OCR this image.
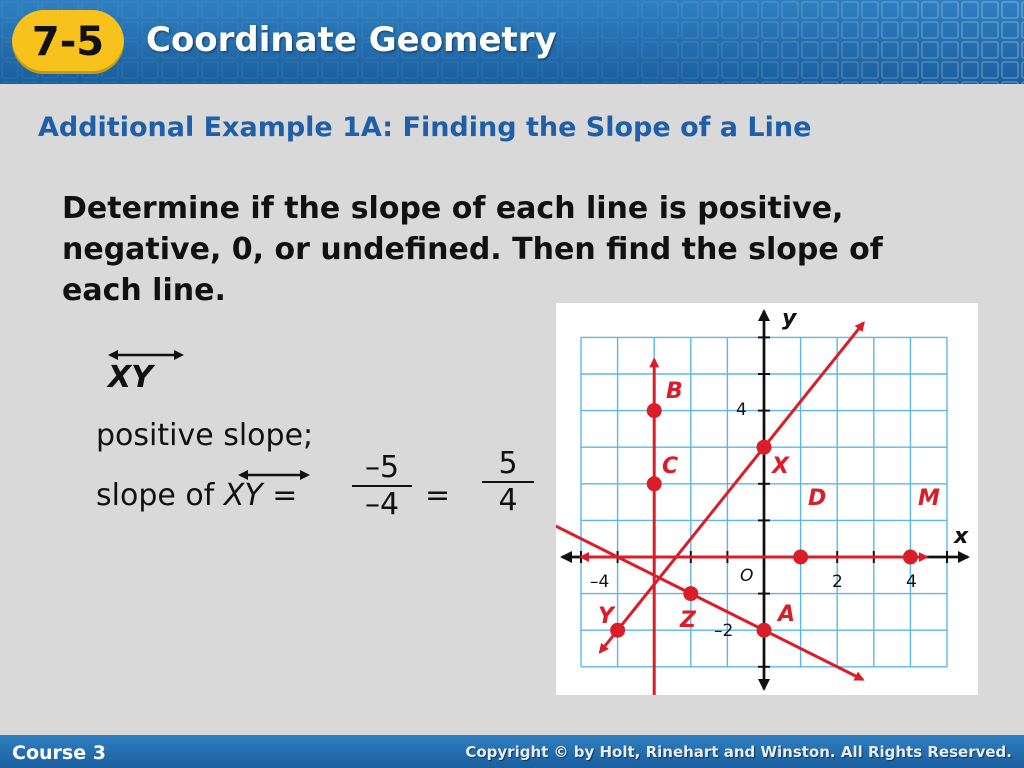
7-5	Coordinate Geometry
Additional Example 1A: Finding the Slope of a Line
Determine if the slope of each line is positive, negative, 0, or undefined. Then find the slope of each line.
XY
positive slope;
slope of XY =
–5
–4 =
5
4
x
y
O
–4	2	4
4
–2
B
C	X
D	M
Z	A
Y
Course 3	Copyright © by Holt, Rinehart and Winston. All Rights Reserved.
